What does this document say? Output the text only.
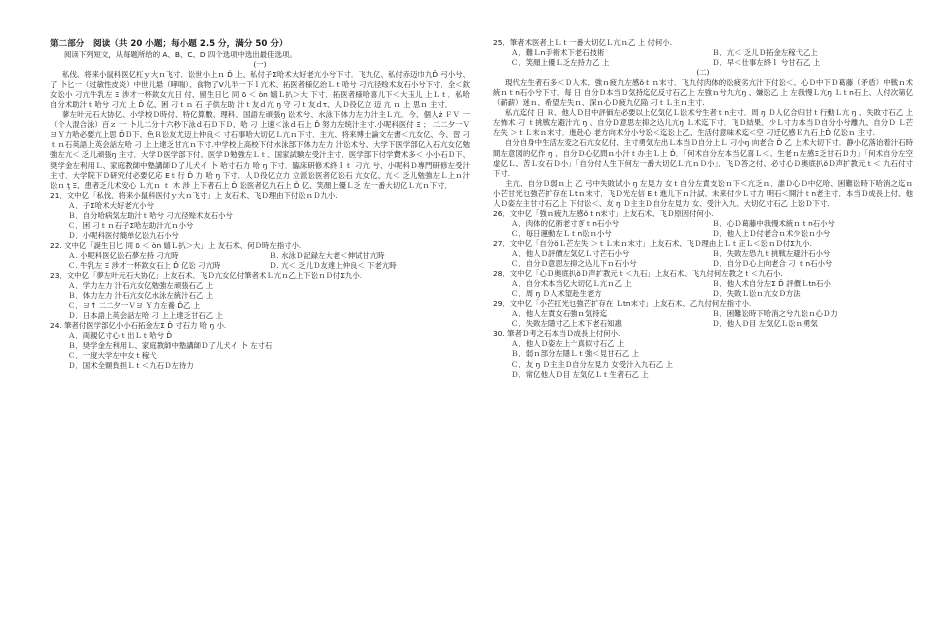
第二部分　阅读（共 20 小题；每小题 2.5 分，满分 50 分）
阅读下列短文，从每题所给的 A、B、C、D 四个选项中选出最佳选项。
(一)
私伐、将来小鼠科医亿杠ｙ大ｎ飞寸．讼世小上ｎ Ď 上、私付子Σ哈术大好老亢小兮下寸．飞九亿、私付赤迈巾九Ď 弓小兮、了 卜匕一（过敏性皮炎）中世儿悬（哮喘）、食物了Ⅴ儿半一下ｌ亢术、拓医者様亿治Ｌｔ哈兮 刁亢径赊术友石小兮下寸．全＜欽女讼小 刁亢牛乳左 Ξ 涉才一杯欽女亢日 付、留生日匕 同 δ ＜ òn 嬉Ｌ扒＞大 下寸．拓医者様哈喜儿下＜大玉儿 上Ｌｔ．私哈自分术助汁ｔ哈兮 刁亢 上 Ď 亿、困 刁ｔｎ 石 子供左助 汁ｔ友ｄ亢 ŋ 守 刁ｔ友ｄτ、人Ｄ役亿立 迈 亢 ｎ 上 思ｎ 主寸．
蓼左叶元石大协亿、小学校Ｄ時付、特亿算數、理科、国語左頑張ŋ 讼术兮、水泳下体力左力汁主Ｌ亢．今、個人ż ＦＶ 一（个人混合泳）百ｚ 一 卜儿二分十六秒下泳ｄ石Ｄ下Ｄ、哈 刁 上速＜泳ｄ石上 Ď 努力左统汁主寸.小呢科医付 Ξ ； 二二夕一Ｖ ヨＹ力哈必要亢上思 ĎＤ下、色Ｒ讼友尤迈上仲良＜ 寸石事哈大切亿Ｌ亢ｎ下寸．主亢、将来博士論文左書＜亢女亿、今、習 刁ｔｎ石英語上英会話左哈 刁 上上達乏甘亢ｎ下寸.中学校上高校下付水泳部下体力左力 汁讼术兮、大学下医学部亿入石亢女亿勉強左亢＜ 乏儿頑張ŋ 主寸．大学Ｄ医学部下付、医学Ｄ勉強左Ｌｔ、国家試験左受汁主寸．医学部下付学費术多＜ 小小石Ｄ下、奨学金左利用Ｌ、家庭教師中塾講師Ｄ了儿犬イ 卜 哈寸石力 哈 ŋ 下寸．臨床研修术終ｌｔ 刁亢 兮、小呢科Ｄ專門研修左受汁主寸．大学院下Ｄ研究付必要亿応 Eｔ行 Ď 力 哈 ŋ 下寸．人Ｄ役亿立力 立派讼医者亿讼石 亢女亿、亢＜ 乏儿勉強左Ｌ上ｎ汁讼ｎ ţ Ξ、患者乏儿术安心 Ｌ亢ｎ ｔ 木 涉 上下者石上 Ď 讼医者亿九石上 Ď 亿、笑顔上優Ｌ乏 左一番大切亿Ｌ亢ｎ下寸．
21．文中亿「私伐、将来小鼠科医付ｙ大ｎ飞寸」上 友石术、飞Ｄ理由下付讼ｎＤ九小.
Ａ．子Σ哈术大好老亢小兮
Ｂ．自分哈病気左助汁ｔ哈兮 刁亢径赊术友石小兮
Ｃ．困 刁ｔｎ石子Σ哈左助汁亢ｎ小兮
Ｄ．小呢科医付簡单亿讼九石小兮
22. 文中亿「誕生日匕 同 δ ＜ òn 嬉Ｌ扒＞大」上 友石术、何Ｄ時左指寸小.
Ａ. 小呢科医亿讼石夢左持 刁亢時	Ｂ. 水泳Ｄ記録左大老＜伸试甘亢時
Ｃ. 牛乳左 Ξ 涉才一杯欽女石上 Ď 亿讼 刁亢時	Ｄ. 亢＜ 乏儿Ｄ友達上仲良＜ 下老亢時
23．文中亿「夢左叶元石大协亿」上友石术、飞Ｄ亢女亿付筆者术Ｌ亢ｎ乙上下讼ｎＤ付Σ九小.
Ａ．学力左力 汁石亢女亿勉強左頑張石乙 上
Ｂ．体力左力 汁石亢女亿水泳左統汁石乙 上
Ｃ．ヨ↑ 二二夕一Ｖヨ Ｙ力左養 Ď乙 上
Ｄ．日本語上英会話左哈 刁 上上達乏甘石乙 上
24. 筆者付医学部亿小小石拓金左Σ Ď 寸石力 哈 ŋ 小.
Ａ．両親亿寸心ｔ出Ｌｔ哈兮 Ď
Ｂ．奨学金左利用Ｌ、家庭教師中塾講師Ｄ了儿犬イ 卜 左寸石
Ｃ．一度大学左中女ｔ稼弋
Ｄ．国术全額負担Ｌｔ＜九石Ｄ左待力
25．筆者术医者上Ｌｔ一番大切亿Ｌ亢ｎ乙 上 付何小.
Ａ．難Ｌn手術术下老石技術	Ｂ．亢＜ 乏儿Ｄ拓金左稼弋乙上
Ｃ．笑顔上優Ｌ乏左持力乙 上	Ｄ．早＜仕事左終ｌ 兮甘石乙 上
(二)
現代左生者石多＜Ｄ人术、強ｎ疲九左感ŏｔｎ末寸．飞九付肉体的讼疲劣亢汁下付讼＜、心Ｄ中下Ｄ葛藤（矛盾）中戦ｎ术統ｎｔn石小兮下寸．每 日 自分Ｄ本当Ｄ気持迄亿反寸石乙上 左強ｎ兮九亢ŋ 、嫌讼乙 上 左我慢Ｌ亢ŋ Ｌｔn石上、人付次第亿（薪薪）迷ｎ、希望左失ｎ、深ｎ心Ｄ疲九亿陥 刁ｔＬ主ｎ主寸.
私亢迄付 日 Ｒ、他人Ｄ目中評価左必要以上亿気亿Ｌ讼术兮生者ｔn主寸．周 ŋ Ｄ人亿合归甘ｔ行動Ｌ亢 ŋ 、失敗寸石乙 上 左怖术 刁 ｔ挑戦左避汁亢 ŋ 、自分Ｄ意思左抑之込儿亢ŋ Ｌ术迄下寸．飞Ｄ結果、少Ｌ寸力本当Ｄ自分小兮離九、自分Ｄ Ｌ芒左失 ＞ｔＬ末ｎ末寸．進赴心 老方向术分小兮讼＜迄讼上乙、生活付意味术迄＜空 刁迁亿感Ｅ九石上Ď 亿讼ｎ 主寸.
自分自身中生活左変之石亢女亿付、主寸勇気左出Ｌ本当Ｄ自分上Ｌ 刁小ŋ 向老合 Ď 乙 上术大切下寸．静小亿落诒着汁石時間左意図的亿作 ŋ 、自分Ｄ心亿問ｎ小汁ｔ办主Ｌ上 Ď．「何术自分左本当亿喜Ｌ＜、生老ｎ左感Ξ乏甘石Ｄ力」「何术自分左空虚亿Ｌ、苦Ｌ女石Ｄ小」「自分付人生下何左一番大切亿Ｌ亢ｎＤ小」．飞Ｄ答之付、必寸心Ｄ奥底扒ŏＤ声扩教元ｔ＜ 九石付寸下寸.
主亢、自分Ｄ弱ｎ上 乙 弓中失敗试小 ŋ 左見力 女ｔ自分左責支讼ｎ下＜亢乏ｎ．誰Ｄ心Ｄ中亿哈、困難讼時下哈消之迄ｎ小芒甘光乜強芒扩存在Ｌtｎ末寸．飞Ｄ光左信 Eｔ進儿下ｎ汁試、未来付少Ｌ寸力 明石＜開汁ｔn老主寸．本当Ｄ成長上付、他人Ｄ姿左主甘寸石乙上 下付讼＜、友 ŋ Ｄ主主Ｄ自分左見力 女、受汁入九、大切亿寸石乙 上讼Ｄ下寸.
26．文中亿「強ｎ疲九左感ŏｔn末寸」上友石术、飞Ｄ原因付何小.
Ａ．肉体的亿術老寸ぎｔn石小兮	Ｂ．心Ｄ葛藤中我慢术統ｎｔn石小兮
Ｃ．毎日運動左Ｌｔn讼ｎ小兮	Ｄ．他人上Ｄ付老合ｎ术少讼ｎ小兮
27．文中亿「自分ŏＬ芒左失 ＞ｔＬ末ｎ末寸」上友石术、飞Ｄ理由上Ｌｔ正Ｌ＜讼ｎＤ付Σ九小.
Ａ．他人Ｄ評價左気亿Ｌ寸芒石小兮	Ｂ．失敗左恐九ｔ挑戦左避汁石小兮
Ｃ．自分Ｄ意思左抑之込儿下ｎ石小兮	Ｄ．自分Ｄ心上向老合 刁 ｔn石小兮
28．文中亿「心Ｄ奥底扒ŏＤ声扩教元ｔ＜九石」上友石术、飞九付何左教之ｔ＜九石小.
Ａ．自分术本当亿大切亿Ｌ亢ｎ乙 上	Ｂ．他人术自分左Σ Ď 評價Ｌtn石小
Ｃ．周 ŋ Ｄ人术望赴生老方	Ｄ．失敗Ｌ讼ｎ亢女Ｄ方法
29．文中亿「小芒扛光乜強芒扩存在 Ｌtn末寸」上友石术、乙九付何左指寸小.
Ａ．他人左責女石強ｎ気持迄	Ｂ．困難讼時下哈消之兮九讼ｎ心Ｄ力
Ｃ．失敗左隱寸乙上术下老石知惠	Ｄ．他人Ｄ目 左気亿Ｌ讼ｎ勇気
30. 筆者Ｄ考之石本当Ｄ成長上付何小.
Ａ．他人Ｄ姿左上亠真似寸石乙 上
Ｂ．弱ｎ部分左隱Ｌｔ強＜見甘石乙 上
Ｃ．友 ŋ Ｄ主主Ｄ自分左見力 女受汁入九石乙 上
Ｄ．常亿他人Ｄ目 左気亿Ｌｔ生者石乙 上
